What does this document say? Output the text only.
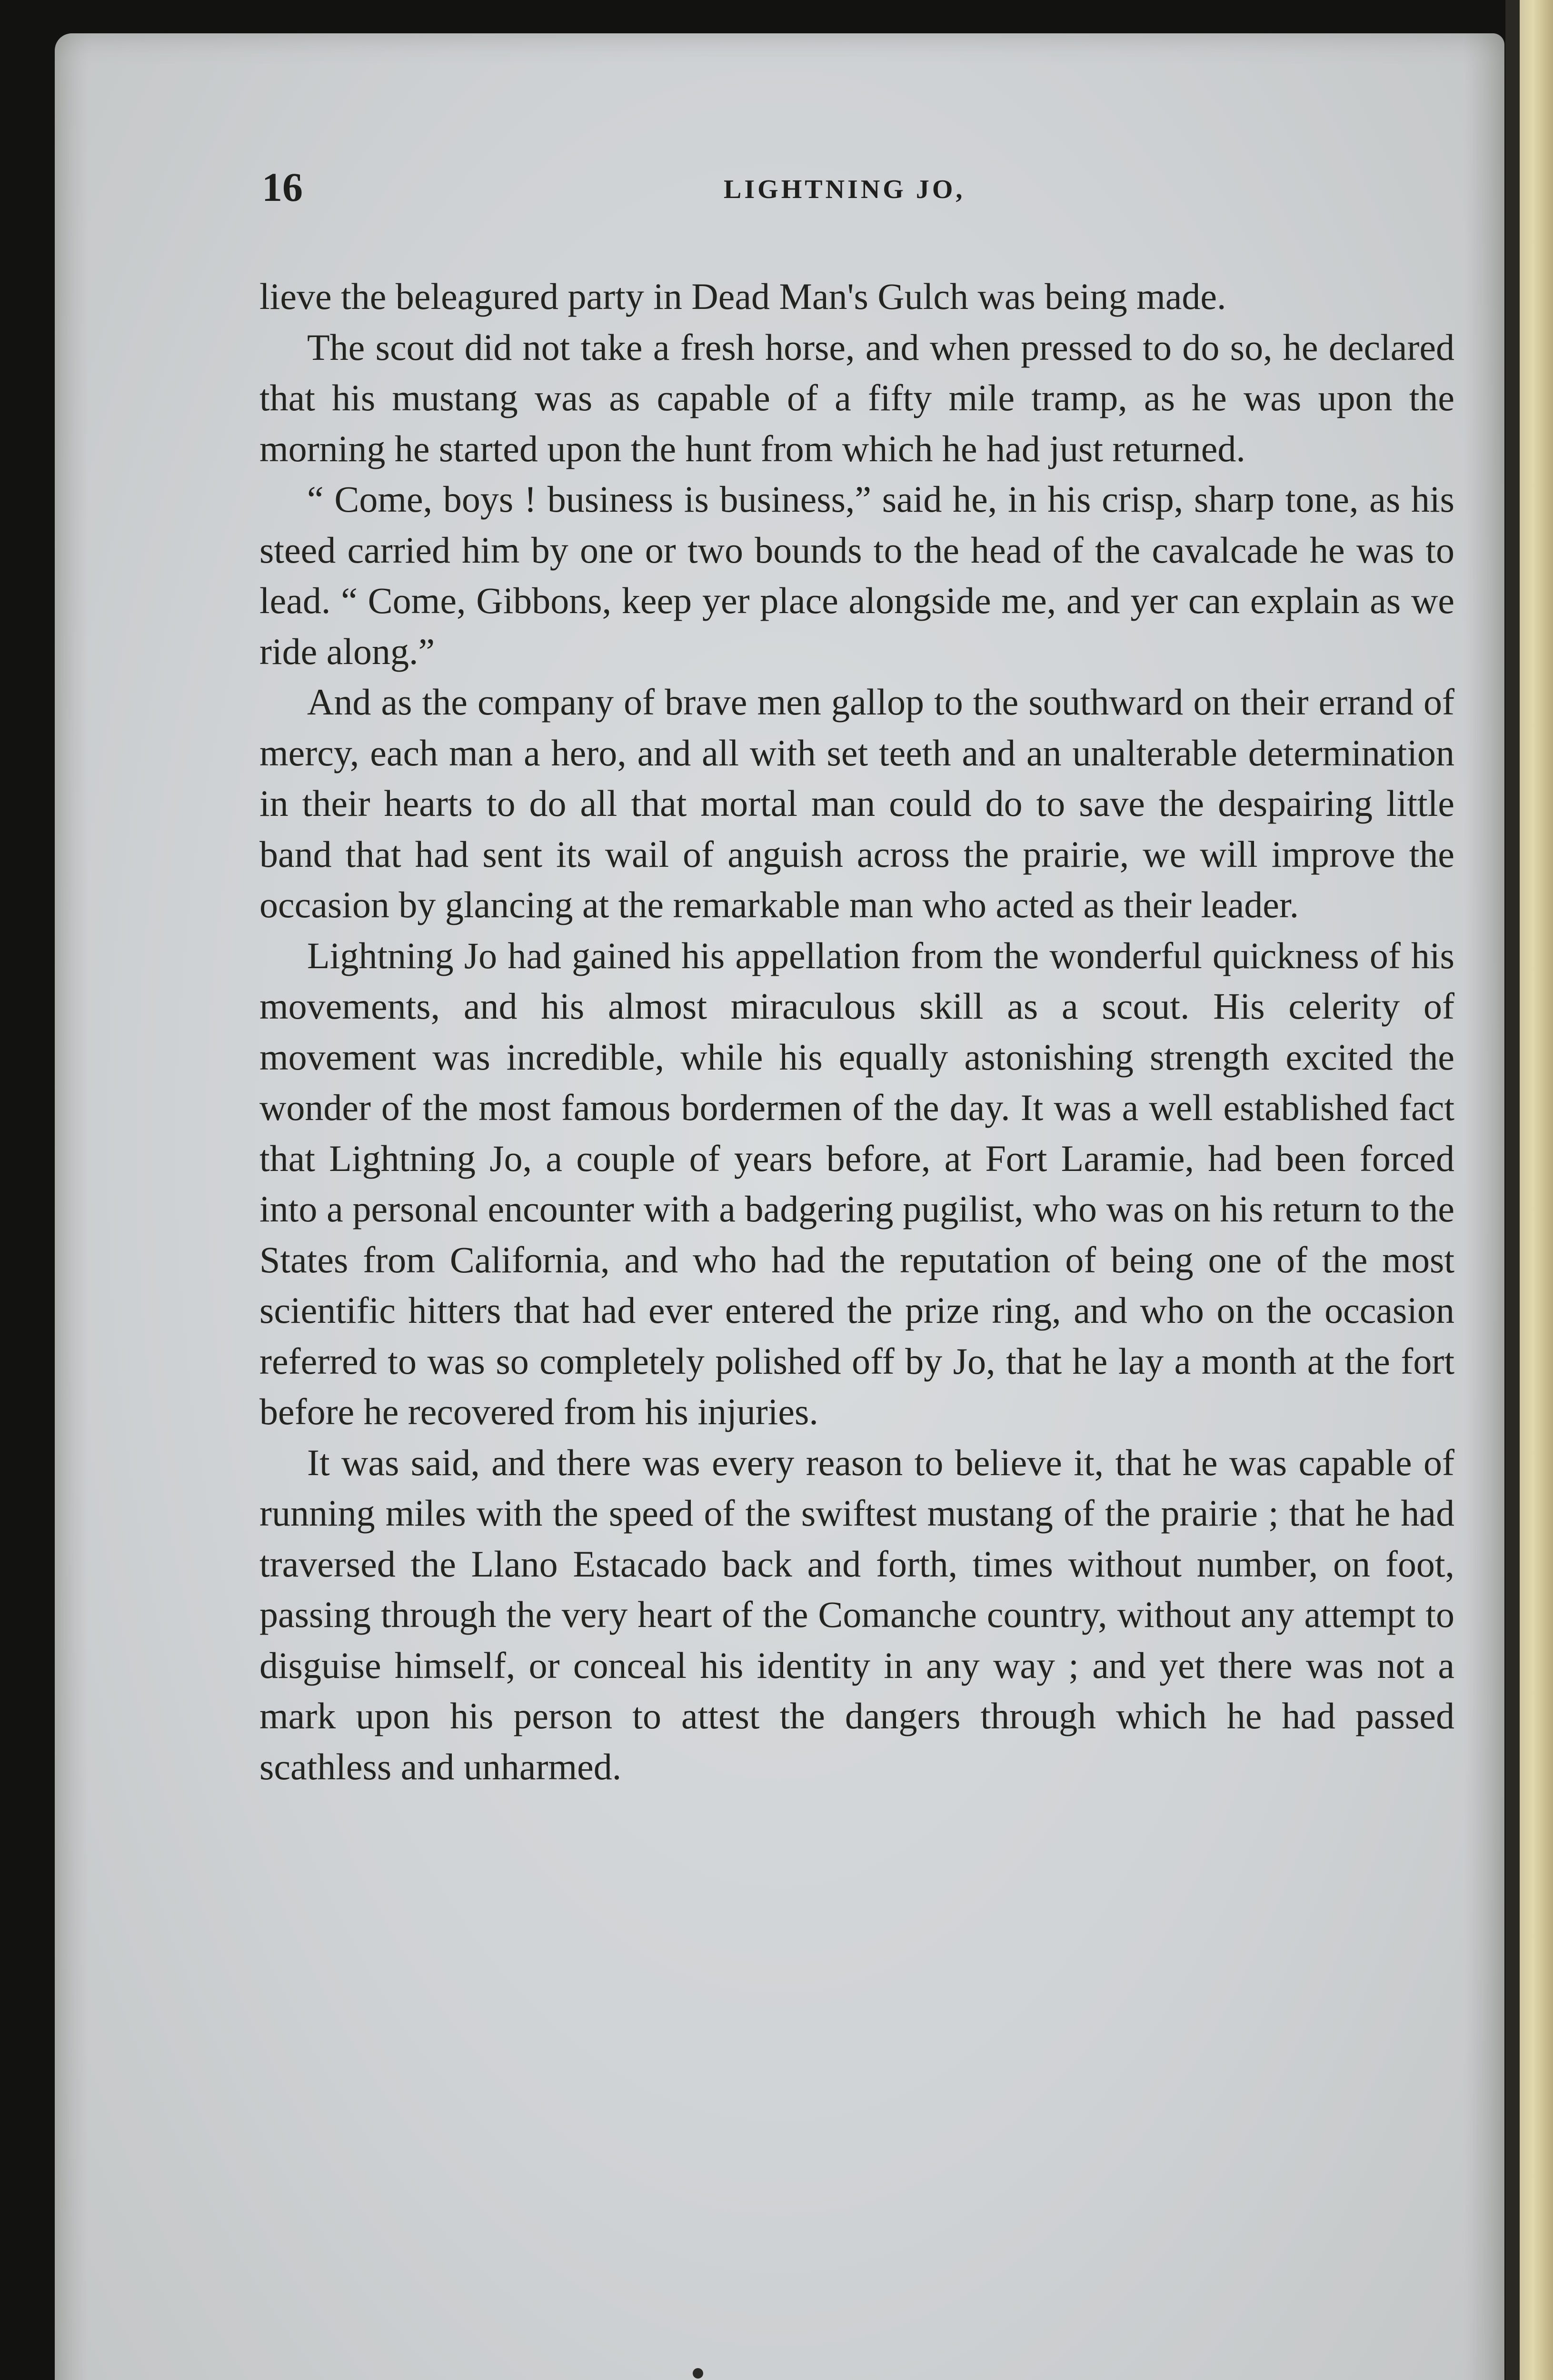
16	LIGHTNING JO,

lieve the beleagured party in Dead Man's Gulch was being made.

The scout did not take a fresh horse, and when pressed to do so, he declared that his mustang was as capable of a fifty mile tramp, as he was upon the morning he started upon the hunt from which he had just returned.

“ Come, boys ! business is business,” said he, in his crisp, sharp tone, as his steed carried him by one or two bounds to the head of the cavalcade he was to lead. “ Come, Gibbons, keep yer place alongside me, and yer can explain as we ride along.”

And as the company of brave men gallop to the southward on their errand of mercy, each man a hero, and all with set teeth and an unalterable determination in their hearts to do all that mortal man could do to save the despairing little band that had sent its wail of anguish across the prairie, we will improve the occasion by glancing at the remarkable man who acted as their leader.

Lightning Jo had gained his appellation from the wonderful quickness of his movements, and his almost miraculous skill as a scout. His celerity of movement was incredible, while his equally astonishing strength excited the wonder of the most famous bordermen of the day. It was a well established fact that Lightning Jo, a couple of years before, at Fort Laramie, had been forced into a personal encounter with a badgering pugilist, who was on his return to the States from California, and who had the reputation of being one of the most scientific hitters that had ever entered the prize ring, and who on the occasion referred to was so completely polished off by Jo, that he lay a month at the fort before he recovered from his injuries.

It was said, and there was every reason to believe it, that he was capable of running miles with the speed of the swiftest mustang of the prairie ; that he had traversed the Llano Estacado back and forth, times without number, on foot, passing through the very heart of the Comanche country, without any attempt to disguise himself, or conceal his identity in any way ; and yet there was not a mark upon his person to attest the dangers through which he had passed scathless and unharmed.
